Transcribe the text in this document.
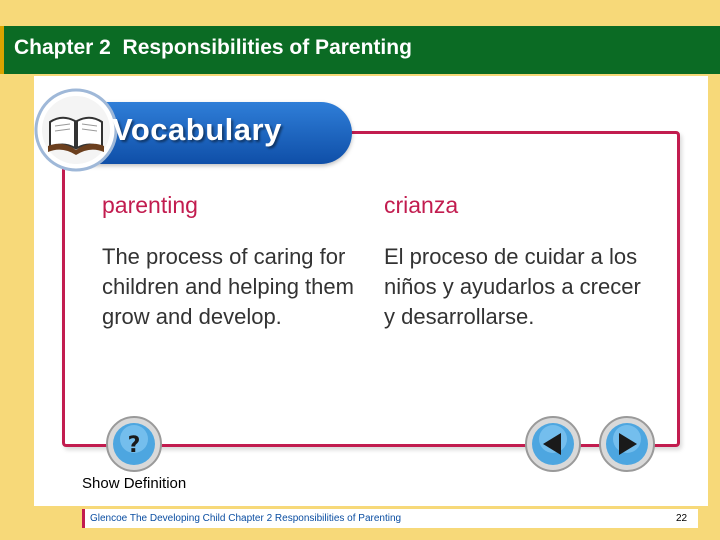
Chapter 2 Responsibilities of Parenting
Vocabulary
parenting	crianza
The process of caring for children and helping them grow and develop.
El proceso de cuidar a los niños y ayudarlos a crecer y desarrollarse.
?
Show Definition
Glencoe The Developing Child Chapter 2 Responsibilities of Parenting	22
